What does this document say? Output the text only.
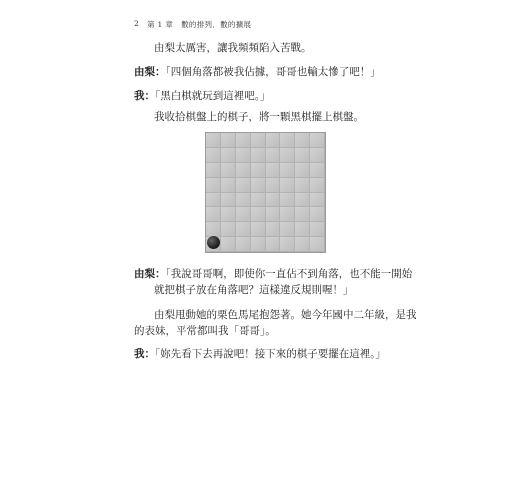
2 第 1 章 數的排列．數的擴展
由梨太厲害，讓我頻頻陷入苦戰。
由梨：「四個角落都被我佔據，哥哥也輸太慘了吧！」
我：「黑白棋就玩到這裡吧。」
我收拾棋盤上的棋子，將一顆黑棋擺上棋盤。
由梨：「我說哥哥啊，即使你一直佔不到角落，也不能一開始
就把棋子放在角落吧？這樣違反規則喔！」
由梨甩動她的栗色馬尾抱怨著。她今年國中二年級，是我
的表妹，平常都叫我「哥哥」。
我：「妳先看下去再說吧！接下來的棋子要擺在這裡。」
